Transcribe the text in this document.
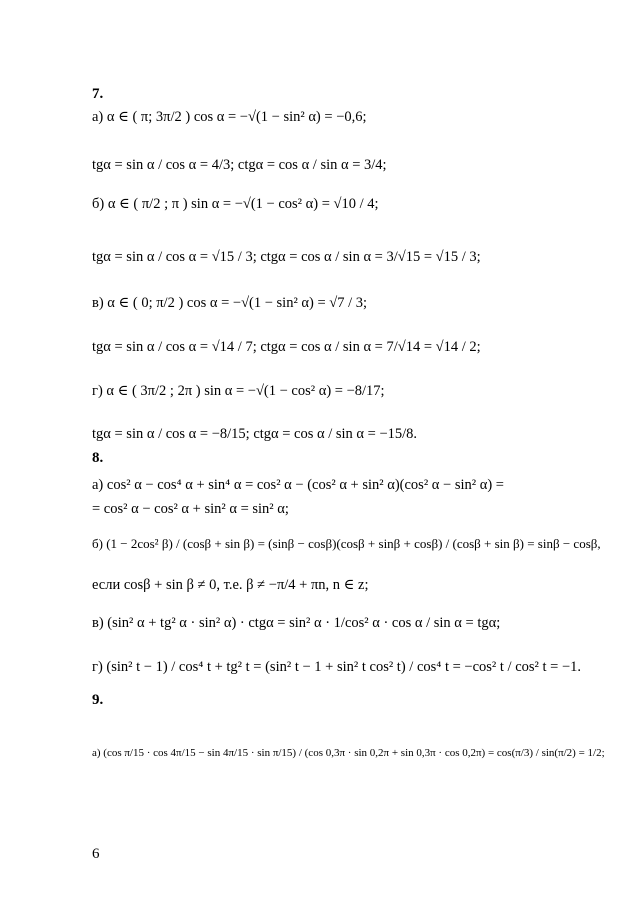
7.
а) α ∈ ( π; 3π/2 ) cos α = −√(1 − sin² α) = −0,6;
tgα = sin α / cos α = 4/3; ctgα = cos α / sin α = 3/4;
б) α ∈ ( π/2 ; π ) sin α = −√(1 − cos² α) = √10 / 4;
tgα = sin α / cos α = √15 / 3; ctgα = cos α / sin α = 3/√15 = √15 / 3;
в) α ∈ ( 0; π/2 ) cos α = −√(1 − sin² α) = √7 / 3;
tgα = sin α / cos α = √14 / 7; ctgα = cos α / sin α = 7/√14 = √14 / 2;
г) α ∈ ( 3π/2 ; 2π ) sin α = −√(1 − cos² α) = −8/17;
tgα = sin α / cos α = −8/15; ctgα = cos α / sin α = −15/8.
8.
а) cos² α − cos⁴ α + sin⁴ α = cos² α − (cos² α + sin² α)(cos² α − sin² α) =
= cos² α − cos² α + sin² α = sin² α;
б) (1 − 2cos² β) / (cosβ + sin β) = (sinβ − cosβ)(cosβ + sinβ + cosβ) / (cosβ + sin β) = sinβ − cosβ,
если cosβ + sin β ≠ 0, т.е. β ≠ −π/4 + πn, n ∈ z;
в) (sin² α + tg² α · sin² α) · ctgα = sin² α · 1/cos² α · cos α / sin α = tgα;
г) (sin² t − 1) / cos⁴ t + tg² t = (sin² t − 1 + sin² t cos² t) / cos⁴ t = −cos² t / cos² t = −1.
9.
а) (cos π/15 · cos 4π/15 − sin 4π/15 · sin π/15) / (cos 0,3π · sin 0,2π + sin 0,3π · cos 0,2π) = cos(π/3) / sin(π/2) = 1/2;
6
